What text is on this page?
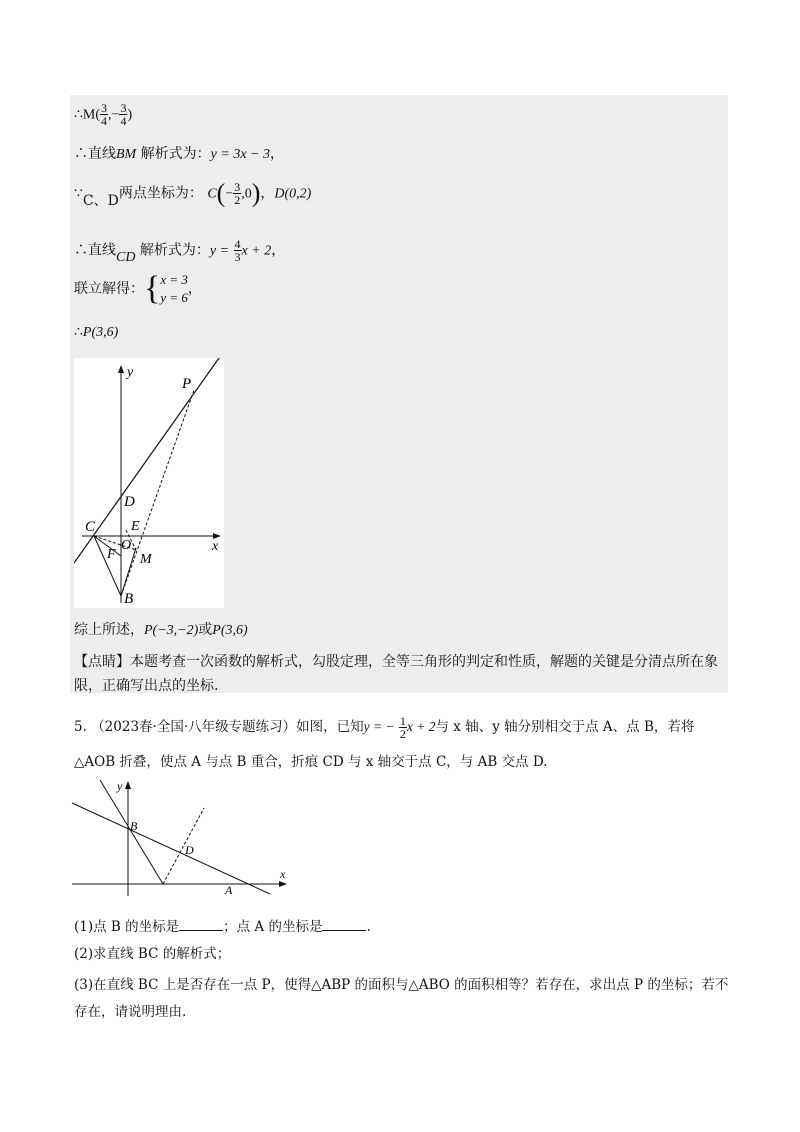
∴M( $\frac{3}{4}$ ,− $\frac{3}{4}$ )
∴直线BM 解析式为：y = 3x − 3，
∵C、D两点坐标为： $C(- \frac{3}{2} ,0)$，D(0,2)
∴直线CD 解析式为：$y = \frac{4}{3}$ x + 2，
联立解得：{ x = 3
y = 6
，
∴P(3,6)
y
x
P
D
C	E
O
F M
B
综上所述，P(−3,−2)或P(3,6)
【点睛】本题考查一次函数的解析式，勾股定理，全等三角形的判定和性质，解题的关键是分清点所在象
限，正确写出点的坐标.
5. （2023春·全国·八年级专题练习）如图，已知y = − $\frac{1}{2}$ x + 2与 x 轴、y 轴分别相交于点 A、点 B，若将
△AOB 折叠，使点 A 与点 B 重合，折痕 CD 与 x 轴交于点 C，与 AB 交点 D.
y
x
B
D
A
(1)点 B 的坐标是	；点 A 的坐标是	.
(2)求直线 BC 的解析式；
(3)在直线 BC 上是否存在一点 P，使得△ABP 的面积与△ABO 的面积相等？若存在，求出点 P 的坐标；若不
存在，请说明理由.
